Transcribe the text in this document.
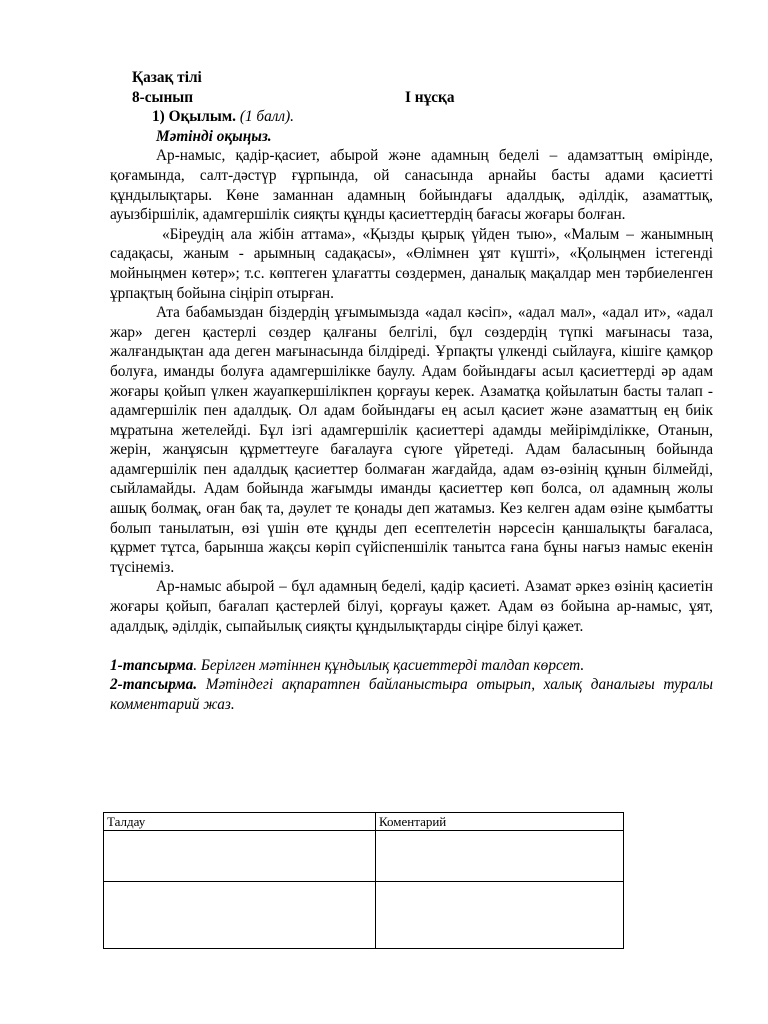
Қазақ тілі
8-сынып	І нұсқа
1) Оқылым. (1 балл).
Мәтінді оқыңыз.

Ар-намыс, қадір-қасиет, абырой және адамның беделі – адамзаттың өмірінде, қоғамында, салт-дәстүр ғұрпында, ой санасында арнайы басты адами қасиетті құндылықтары. Көне заманнан адамның бойындағы адалдық, әділдік, азаматтық, ауызбіршілік, адамгершілік сияқты құнды қасиеттердің бағасы жоғары болған.

«Біреудің ала жібін аттама», «Қызды қырық үйден тыю», «Малым – жанымның садақасы, жаным - арымның садақасы», «Өлімнен ұят күшті», «Қолыңмен істегенді мойныңмен көтер»; т.с. көптеген ұлағатты сөздермен, даналық мақалдар мен тәрбиеленген ұрпақтың бойына сіңіріп отырған.

Ата бабамыздан біздердің ұғымымызда «адал кәсіп», «адал мал», «адал ит», «адал жар» деген қастерлі сөздер қалғаны белгілі, бұл сөздердің түпкі мағынасы таза, жалғандықтан ада деген мағынасында білдіреді. Ұрпақты үлкенді сыйлауға, кішіге қамқор болуға, иманды болуға адамгершілікке баулу. Адам бойындағы асыл қасиеттерді әр адам жоғары қойып үлкен жауапкершілікпен қорғауы керек. Азаматқа қойылатын басты талап - адамгершілік пен адалдық. Ол адам бойындағы ең асыл қасиет және азаматтың ең биік мұратына жетелейді. Бұл ізгі адамгершілік қасиеттері адамды мейірімділікке, Отанын, жерін, жанұясын құрметтеуге бағалауға сүюге үйретеді. Адам баласының бойында адамгершілік пен адалдық қасиеттер болмаған жағдайда, адам өз-өзінің құнын білмейді, сыйламайды. Адам бойында жағымды иманды қасиеттер көп болса, ол адамның жолы ашық болмақ, оған бақ та, дәулет те қонады деп жатамыз. Кез келген адам өзіне қымбатты болып танылатын, өзі үшін өте құнды деп есептелетін нәрсесін қаншалықты бағаласа, құрмет тұтса, барынша жақсы көріп сүйіспеншілік танытса ғана бұны нағыз намыс екенін түсінеміз.

Ар-намыс абырой – бұл адамның беделі, қадір қасиеті. Азамат әркез өзінің қасиетін жоғары қойып, бағалап қастерлей білуі, қорғауы қажет. Адам өз бойына ар-намыс, ұят, адалдық, әділдік, сыпайылық сияқты құндылықтарды сіңіре білуі қажет.

1-тапсырма. Берілген мәтіннен құндылық қасиеттерді талдап көрсет.

2-тапсырма. Мәтіндегі ақпаратпен байланыстыра отырып, халық даналығы туралы комментарий жаз.

Талдау	Коментарий
